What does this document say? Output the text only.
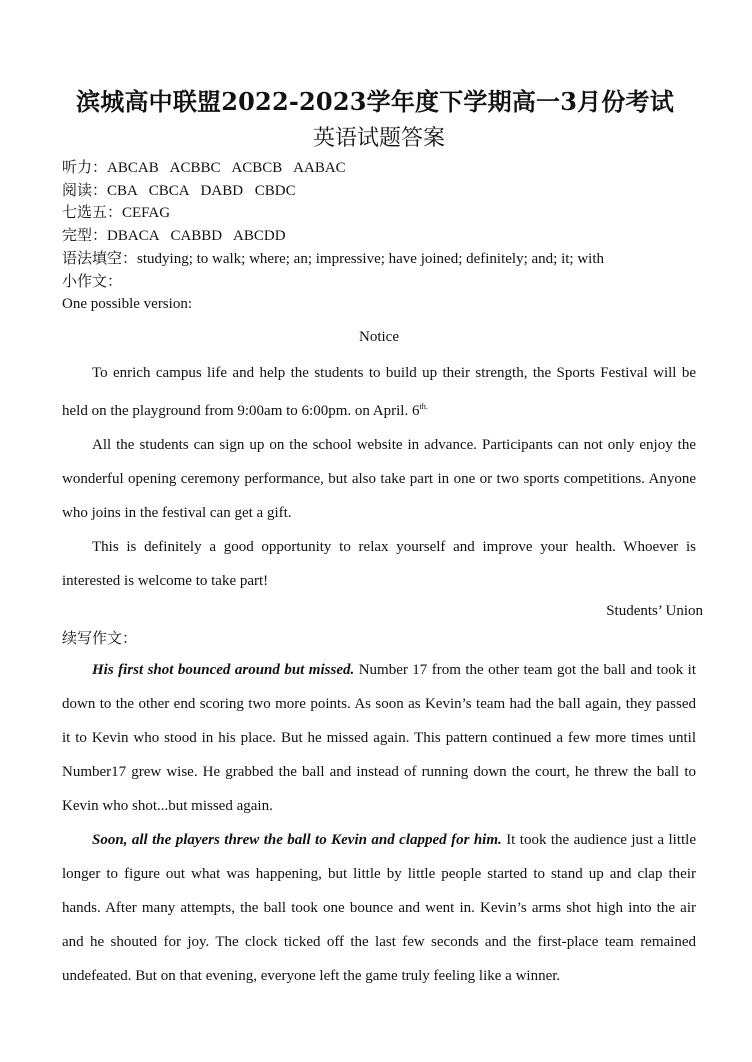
滨城高中联盟2022-2023学年度下学期高一3月份考试
英语试题答案
听力：ABCAB ACBBC ACBCB AABAC
阅读：CBA CBCA DABD CBDC
七选五：CEFAG
完型：DBACA CABBD ABCDD
语法填空：studying; to walk; where; an; impressive; have joined; definitely; and; it; with
小作文：
One possible version:
Notice

To enrich campus life and help the students to build up their strength, the Sports Festival will be held on the playground from 9:00am to 6:00pm. on April. $6^{th.}$

All the students can sign up on the school website in advance. Participants can not only enjoy the wonderful opening ceremony performance, but also take part in one or two sports competitions. Anyone who joins in the festival can get a gift.

This is definitely a good opportunity to relax yourself and improve your health. Whoever is interested is welcome to take part!

Students’ Union
续写作文：

His first shot bounced around but missed. Number 17 from the other team got the ball and took it down to the other end scoring two more points. As soon as Kevin’s team had the ball again, they passed it to Kevin who stood in his place. But he missed again. This pattern continued a few more times until Number17 grew wise. He grabbed the ball and instead of running down the court, he threw the ball to Kevin who shot...but missed again.

Soon, all the players threw the ball to Kevin and clapped for him. It took the audience just a little longer to figure out what was happening, but little by little people started to stand up and clap their hands. After many attempts, the ball took one bounce and went in. Kevin’s arms shot high into the air and he shouted for joy. The clock ticked off the last few seconds and the first-place team remained undefeated. But on that evening, everyone left the game truly feeling like a winner.
